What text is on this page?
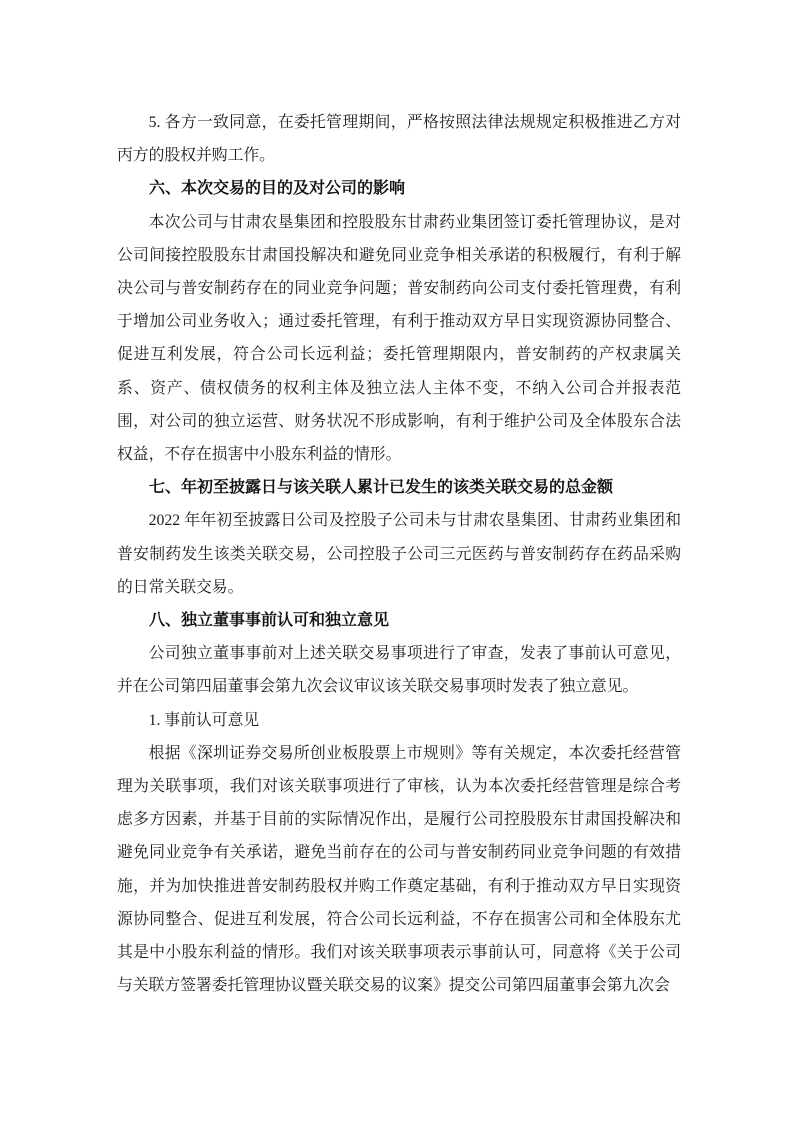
5. 各方一致同意，在委托管理期间，严格按照法律法规规定积极推进乙方对丙方的股权并购工作。

六、本次交易的目的及对公司的影响

本次公司与甘肃农垦集团和控股股东甘肃药业集团签订委托管理协议，是对公司间接控股股东甘肃国投解决和避免同业竞争相关承诺的积极履行，有利于解决公司与普安制药存在的同业竞争问题；普安制药向公司支付委托管理费，有利于增加公司业务收入；通过委托管理，有利于推动双方早日实现资源协同整合、促进互利发展，符合公司长远利益；委托管理期限内，普安制药的产权隶属关系、资产、债权债务的权利主体及独立法人主体不变，不纳入公司合并报表范围，对公司的独立运营、财务状况不形成影响，有利于维护公司及全体股东合法权益，不存在损害中小股东利益的情形。

七、年初至披露日与该关联人累计已发生的该类关联交易的总金额

2022 年年初至披露日公司及控股子公司未与甘肃农垦集团、甘肃药业集团和普安制药发生该类关联交易，公司控股子公司三元医药与普安制药存在药品采购的日常关联交易。

八、独立董事事前认可和独立意见

公司独立董事事前对上述关联交易事项进行了审查，发表了事前认可意见，并在公司第四届董事会第九次会议审议该关联交易事项时发表了独立意见。

1. 事前认可意见

根据《深圳证券交易所创业板股票上市规则》等有关规定，本次委托经营管理为关联事项，我们对该关联事项进行了审核，认为本次委托经营管理是综合考虑多方因素，并基于目前的实际情况作出，是履行公司控股股东甘肃国投解决和避免同业竞争有关承诺，避免当前存在的公司与普安制药同业竞争问题的有效措施，并为加快推进普安制药股权并购工作奠定基础，有利于推动双方早日实现资源协同整合、促进互利发展，符合公司长远利益，不存在损害公司和全体股东尤其是中小股东利益的情形。我们对该关联事项表示事前认可，同意将《关于公司与关联方签署委托管理协议暨关联交易的议案》提交公司第四届董事会第九次会
